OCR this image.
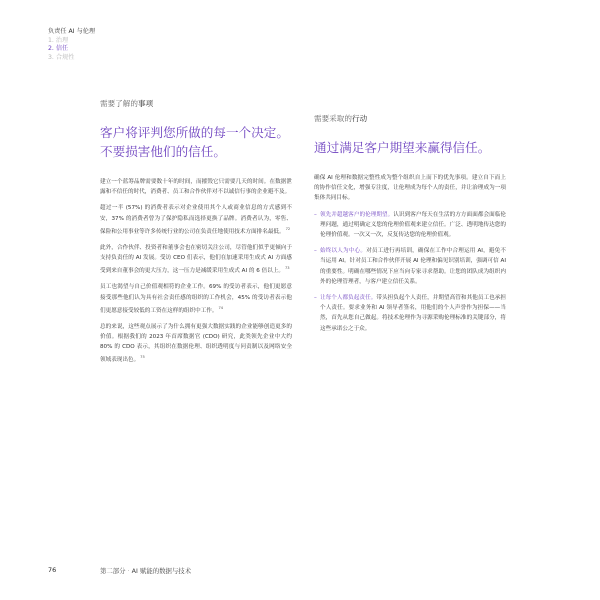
负责任 AI 与伦理
1. 治理
2. 信任
3. 合规性
需要了解的事项
客户将评判您所做的每一个决定。不要损害他们的信任。

建立一个蓝筹品牌需要数十年的时间，而摧毁它只需要几天的时间。在数据泄露和不信任的时代，消费者、员工和合作伙伴对不以诚信行事的企业避不及。

超过一半 (57%) 的消费者表示对企业使用其个人或商业信息的方式感到不安，37% 的消费者曾为了保护隐私而选择更换了品牌。消费者认为，零售、保险和公用事业等许多传统行业的公司在负责任地使用技术方面排名最低。$^{72}$

此外，合作伙伴、投资者和董事会也在密切关注公司，尽管他们似乎更倾向于支持负责任的 AI 发展。受访 CEO 们表示，他们在加速采用生成式 AI 方面感受到来自董事会的更大压力，这一压力是减缓采用生成式 AI 的 6 倍以上。$^{73}$

员工也渴望与自己价值观相符的企业工作。69% 的受访者表示，他们更愿意接受那些他们认为具有社会责任感的组织的工作机会，45% 的受访者表示他们更愿意接受较低的工资在这样的组织中工作。$^{74}$

总的来说，这些观点展示了为什么拥有更强大数据实践的企业能够创造更多的价值。根据我们的 2023 年首席数据官 (CDO) 研究，此类领先企业中大约 80% 的 CDO 表示，其组织在数据伦理、组织透明度与问责制以及网络安全领域表现出色。$^{75}$

需要采取的行动
通过满足客户期望来赢得信任。

确保 AI 伦理和数据完整性成为整个组织自上而下的优先事项。建立自下而上的协作信任文化，增强专注度，让伦理成为每个人的责任，并让治理成为一项集体共同目标。

– 领先并超越客户的伦理期望。认识到客户每天在生活的方方面面都会面临伦理问题，通过明确定义您的伦理价值观来建立信任。广泛、透明地传达您的伦理价值观。一次又一次，反复传达您的伦理价值观。
– 始终以人为中心。对员工进行再培训，确保在工作中合理运用 AI，避免不当运用 AI。针对员工和合作伙伴开展 AI 伦理和偏见识别培训，强调可信 AI 的重要性。明确在哪些情况下应当向专家寻求帮助。让您的团队成为组织内外的伦理管理者，与客户建立信任关系。
– 让每个人都负起责任。带头担负起个人责任，并期望高管和其他员工也承担个人责任。要求业务和 AI 领导者签名，用他们的个人声誉作为担保——当然，首先从您自己做起。将技术伦理作为寻源采购伦理标准的关键部分，将这些承诺公之于众。
76	第二部分 · AI 赋能的数据与技术
